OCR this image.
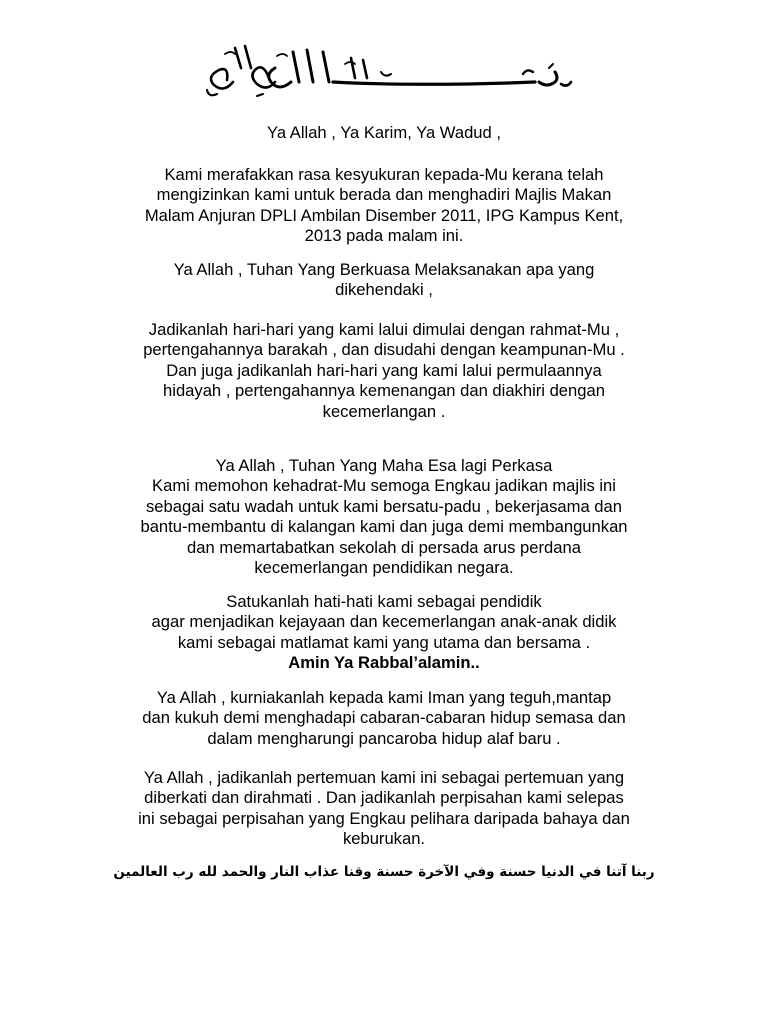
Ya Allah , Ya Karim, Ya Wadud ,
Kami merafakkan rasa kesyukuran kepada-Mu kerana telah
mengizinkan kami untuk berada dan menghadiri Majlis Makan
Malam Anjuran DPLI Ambilan Disember 2011, IPG Kampus Kent,
2013 pada malam ini.
Ya Allah , Tuhan Yang Berkuasa Melaksanakan apa yang
dikehendaki ,
Jadikanlah hari-hari yang kami lalui dimulai dengan rahmat-Mu ,
pertengahannya barakah , dan disudahi dengan keampunan-Mu .
Dan juga jadikanlah hari-hari yang kami lalui permulaannya
hidayah , pertengahannya kemenangan dan diakhiri dengan
kecemerlangan .
Ya Allah , Tuhan Yang Maha Esa lagi Perkasa
Kami memohon kehadrat-Mu semoga Engkau jadikan majlis ini
sebagai satu wadah untuk kami bersatu-padu , bekerjasama dan
bantu-membantu di kalangan kami dan juga demi membangunkan
dan memartabatkan sekolah di persada arus perdana
kecemerlangan pendidikan negara.
Satukanlah hati-hati kami sebagai pendidik
agar menjadikan kejayaan dan kecemerlangan anak-anak didik
kami sebagai matlamat kami yang utama dan bersama .
Amin Ya Rabbal’alamin..
Ya Allah , kurniakanlah kepada kami Iman yang teguh,mantap
dan kukuh demi menghadapi cabaran-cabaran hidup semasa dan
dalam mengharungi pancaroba hidup alaf baru .
Ya Allah , jadikanlah pertemuan kami ini sebagai pertemuan yang
diberkati dan dirahmati . Dan jadikanlah perpisahan kami selepas
ini sebagai perpisahan yang Engkau pelihara daripada bahaya dan
keburukan.
ربنا آتنا في الدنيا حسنة وفي الآخرة حسنة وقنا عذاب النار والحمد لله رب العالمين
